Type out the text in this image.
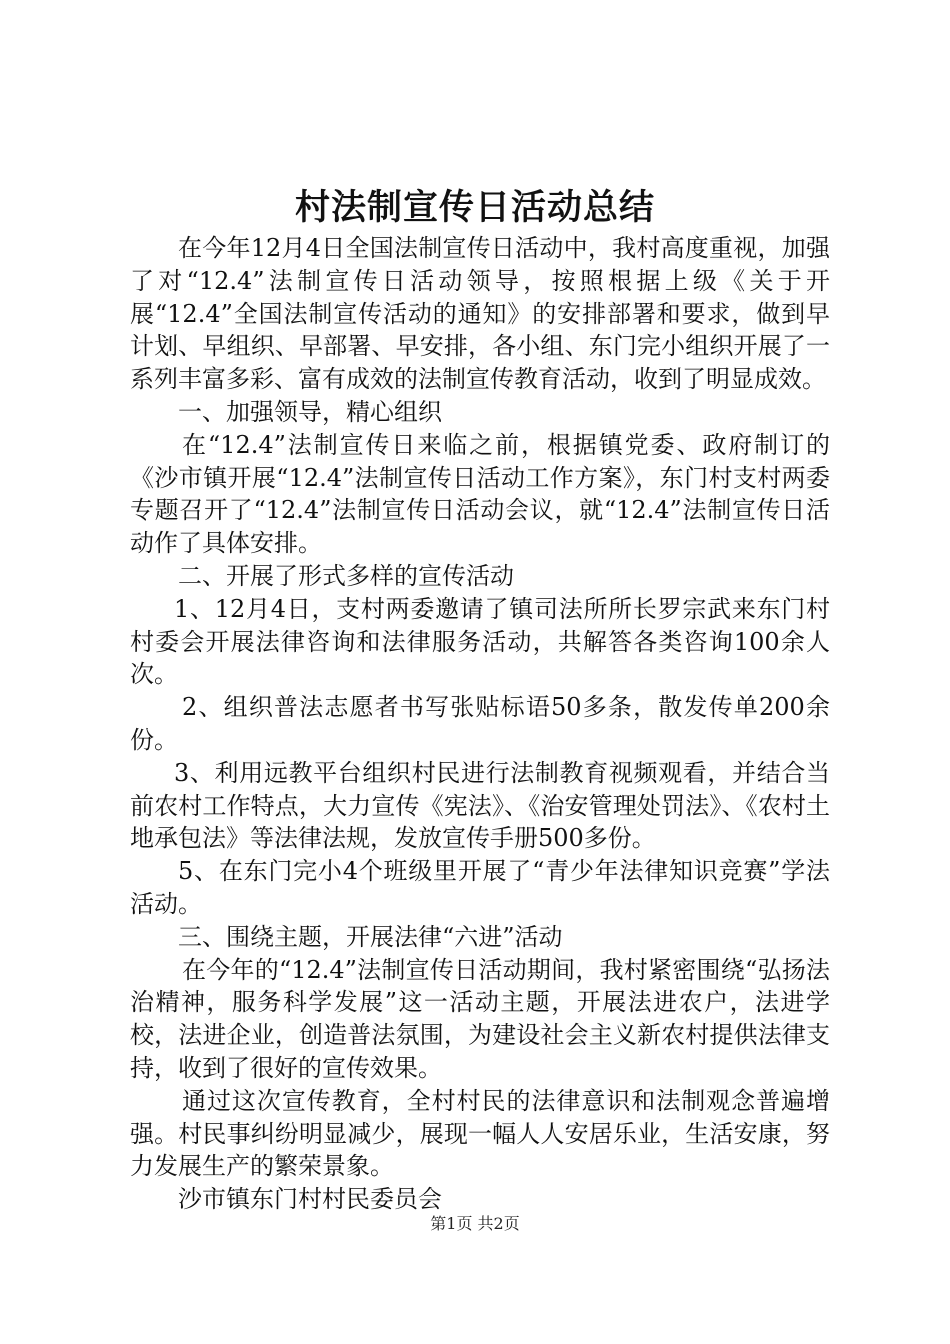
村法制宣传日活动总结

在今年12月4日全国法制宣传日活动中，我村高度重视，加强了对“12.4”法制宣传日活动领导，按照根据上级《关于开展“12.4”全国法制宣传活动的通知》的安排部署和要求，做到早计划、早组织、早部署、早安排，各小组、东门完小组织开展了一系列丰富多彩、富有成效的法制宣传教育活动，收到了明显成效。

一、加强领导，精心组织

在“12.4”法制宣传日来临之前，根据镇党委、政府制订的《沙市镇开展“12.4”法制宣传日活动工作方案》，东门村支村两委专题召开了“12.4”法制宣传日活动会议，就“12.4”法制宣传日活动作了具体安排。

二、开展了形式多样的宣传活动

1、12月4日，支村两委邀请了镇司法所所长罗宗武来东门村村委会开展法律咨询和法律服务活动，共解答各类咨询100余人次。

2、组织普法志愿者书写张贴标语50多条，散发传单200余份。

3、利用远教平台组织村民进行法制教育视频观看，并结合当前农村工作特点，大力宣传《宪法》、《治安管理处罚法》、《农村土地承包法》等法律法规，发放宣传手册500多份。

5、在东门完小4个班级里开展了“青少年法律知识竞赛”学法活动。

三、围绕主题，开展法律“六进”活动

在今年的“12.4”法制宣传日活动期间，我村紧密围绕“弘扬法治精神，服务科学发展”这一活动主题，开展法进农户，法进学校，法进企业，创造普法氛围，为建设社会主义新农村提供法律支持，收到了很好的宣传效果。

通过这次宣传教育，全村村民的法律意识和法制观念普遍增强。村民事纠纷明显减少，展现一幅人人安居乐业，生活安康，努力发展生产的繁荣景象。

沙市镇东门村村民委员会

第1页 共2页
